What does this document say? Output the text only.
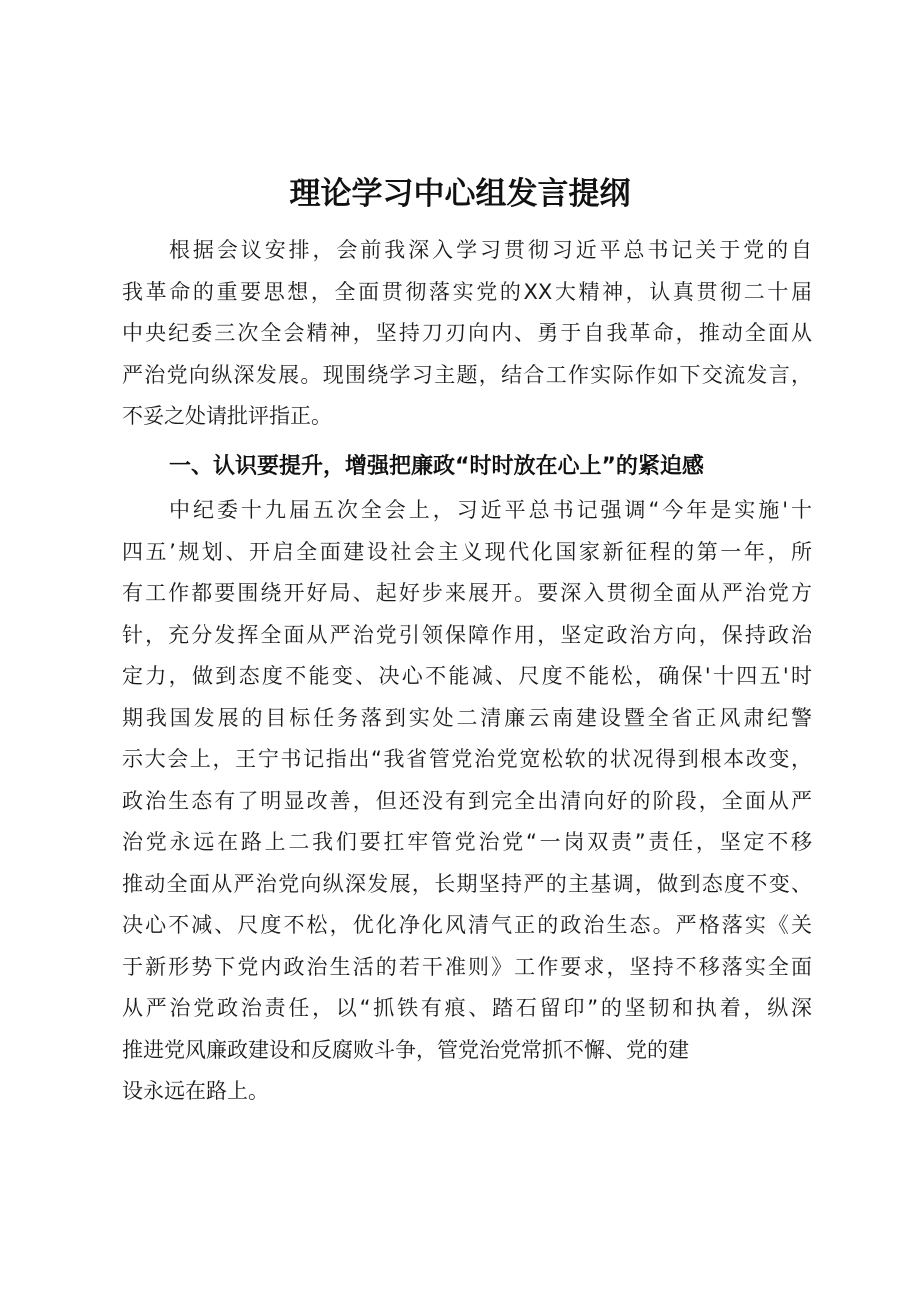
理论学习中心组发言提纲
根据会议安排，会前我深入学习贯彻习近平总书记关于党的自
我革命的重要思想，全面贯彻落实党的XX大精神，认真贯彻二十届
中央纪委三次全会精神，坚持刀刃向内、勇于自我革命，推动全面从
严治党向纵深发展。现围绕学习主题，结合工作实际作如下交流发言，
不妥之处请批评指正。
一、认识要提升，增强把廉政“时时放在心上”的紧迫感
中纪委十九届五次全会上，习近平总书记强调“今年是实施'十
四五’规划、开启全面建设社会主义现代化国家新征程的第一年，所
有工作都要围绕开好局、起好步来展开。要深入贯彻全面从严治党方
针，充分发挥全面从严治党引领保障作用，坚定政治方向，保持政治
定力，做到态度不能变、决心不能减、尺度不能松，确保'十四五'时
期我国发展的目标任务落到实处二清廉云南建设暨全省正风肃纪警
示大会上，王宁书记指出“我省管党治党宽松软的状况得到根本改变，
政治生态有了明显改善，但还没有到完全出清向好的阶段，全面从严
治党永远在路上二我们要扛牢管党治党“一岗双责”责任，坚定不移
推动全面从严治党向纵深发展，长期坚持严的主基调，做到态度不变、
决心不减、尺度不松，优化净化风清气正的政治生态。严格落实《关
于新形势下党内政治生活的若干准则》工作要求，坚持不移落实全面
从严治党政治责任，以“抓铁有痕、踏石留印”的坚韧和执着，纵深
推进党风廉政建设和反腐败斗争，管党治党常抓不懈、党的建
设永远在路上。
